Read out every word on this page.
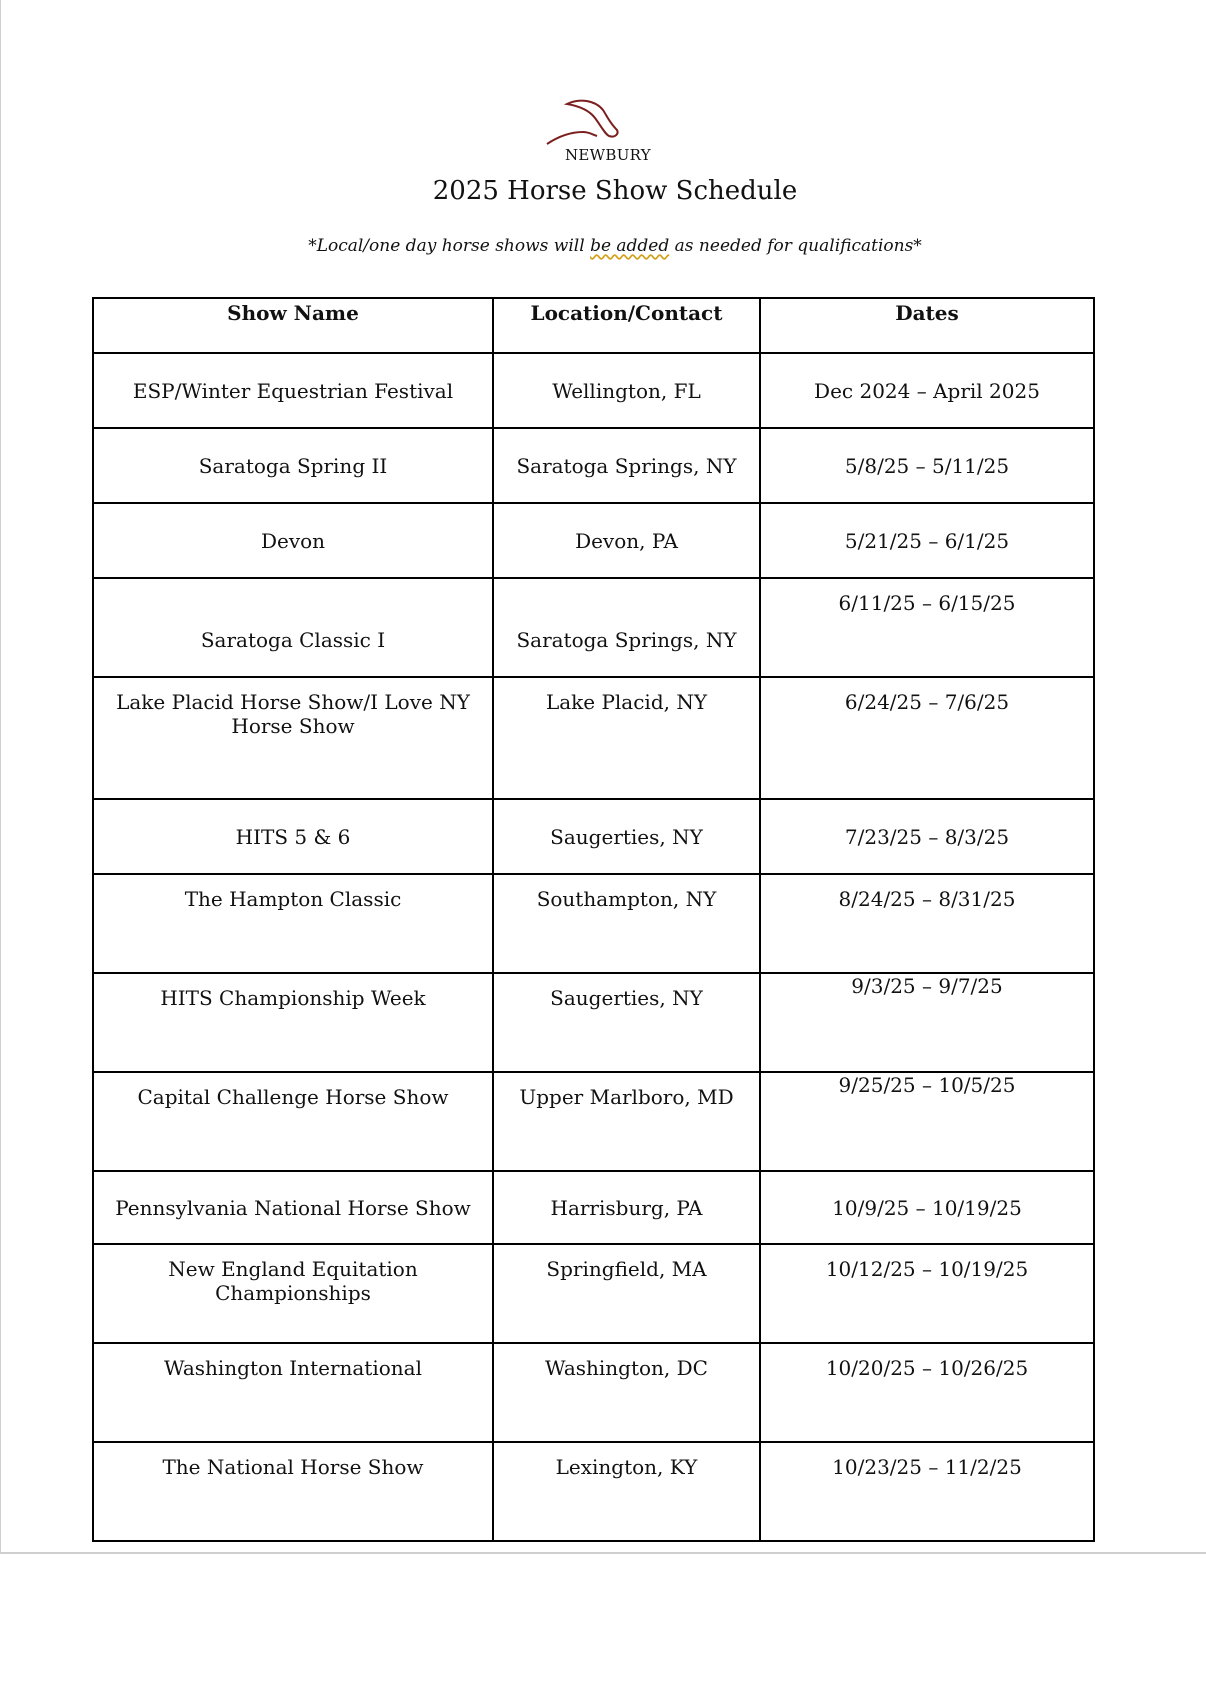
NEWBURY
2025 Horse Show Schedule
*Local/one day horse shows will be added as needed for qualifications*
Show Name	Location/Contact	Dates
ESP/Winter Equestrian Festival	Wellington, FL	Dec 2024 – April 2025
Saratoga Spring II	Saratoga Springs, NY	5/8/25 – 5/11/25
Devon	Devon, PA	5/21/25 – 6/1/25
Saratoga Classic I	Saratoga Springs, NY	6/11/25 – 6/15/25
Lake Placid Horse Show/I Love NY Horse Show	Lake Placid, NY	6/24/25 – 7/6/25
HITS 5 & 6	Saugerties, NY	7/23/25 – 8/3/25
The Hampton Classic	Southampton, NY	8/24/25 – 8/31/25
HITS Championship Week	Saugerties, NY	9/3/25 – 9/7/25
Capital Challenge Horse Show	Upper Marlboro, MD	9/25/25 – 10/5/25
Pennsylvania National Horse Show	Harrisburg, PA	10/9/25 – 10/19/25
New England Equitation Championships	Springfield, MA	10/12/25 – 10/19/25
Washington International	Washington, DC	10/20/25 – 10/26/25
The National Horse Show	Lexington, KY	10/23/25 – 11/2/25
